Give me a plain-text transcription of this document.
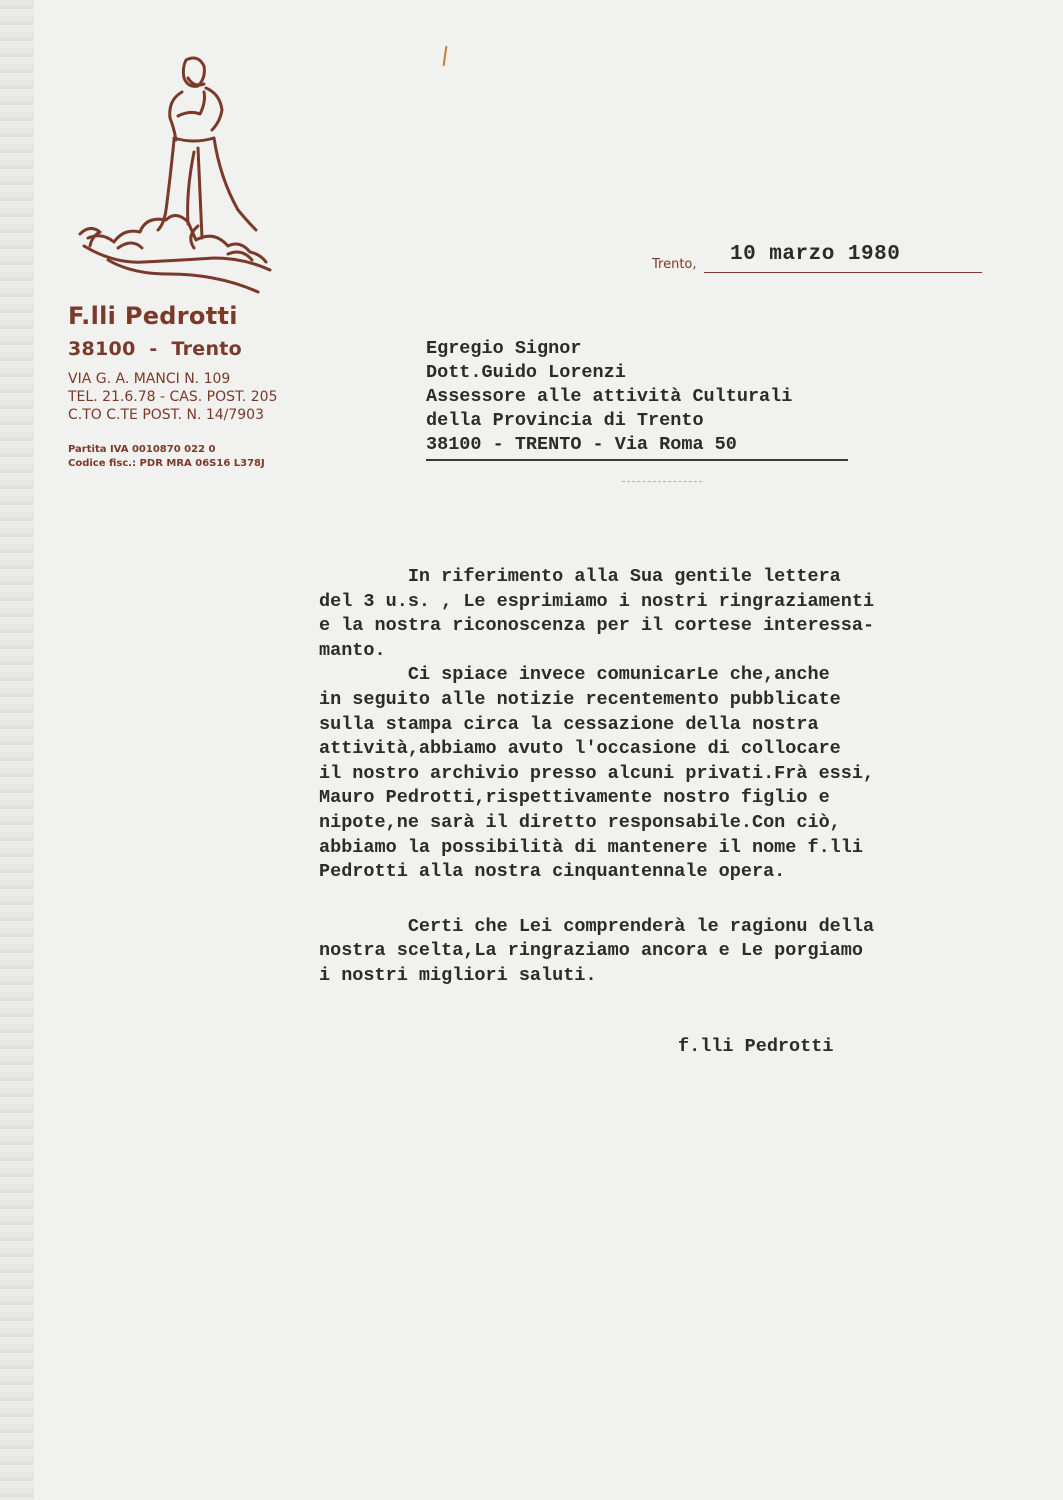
F.lli Pedrotti
38100  -  Trento
VIA G. A. MANCI N. 109
TEL. 21.6.78 - CAS. POST. 205
C.TO C.TE POST. N. 14/7903
Partita IVA 0010870 022 0
Codice fisc.: PDR MRA 06S16 L378J
Trento, 10 marzo 1980
Egregio Signor
Dott.Guido Lorenzi
Assessore alle attività Culturali
della Provincia di Trento
38100 - TRENTO - Via Roma 50

In riferimento alla Sua gentile lettera

del 3 u.s. , Le esprimiamo i nostri ringraziamenti

e la nostra riconoscenza per il cortese interessa-

manto.

Ci spiace invece comunicarLe che,anche

in seguito alle notizie recentemento pubblicate

sulla stampa circa la cessazione della nostra

attività,abbiamo avuto l'occasione di collocare

il nostro archivio presso alcuni privati.Frà essi,

Mauro Pedrotti,rispettivamente nostro figlio e

nipote,ne sarà il diretto responsabile.Con ciò,

abbiamo la possibilità di mantenere il nome f.lli

Pedrotti alla nostra cinquantennale opera.

Certi che Lei comprenderà le ragionu della

nostra scelta,La ringraziamo ancora e Le porgiamo

i nostri migliori saluti.

f.lli Pedrotti
